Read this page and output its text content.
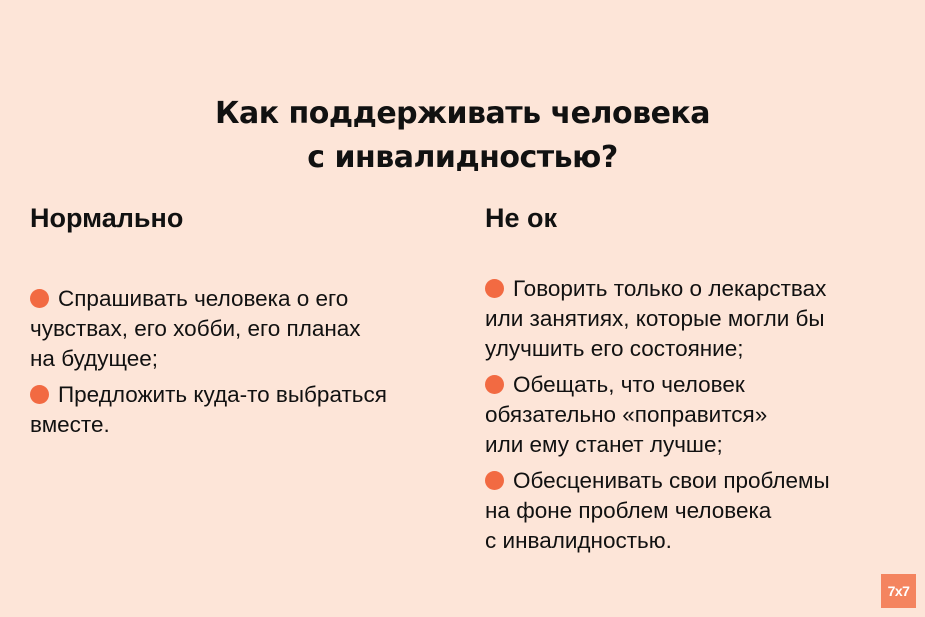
Как поддерживать человека
с инвалидностью?
Нормально
Спрашивать человека о его
чувствах, его хобби, его планах
на будущее;
Предложить куда-то выбраться
вместе.
Не ок
Говорить только о лекарствах
или занятиях, которые могли бы
улучшить его состояние;
Обещать, что человек
обязательно «поправится»
или ему станет лучше;
Обесценивать свои проблемы
на фоне проблем человека
с инвалидностью.
7x7
